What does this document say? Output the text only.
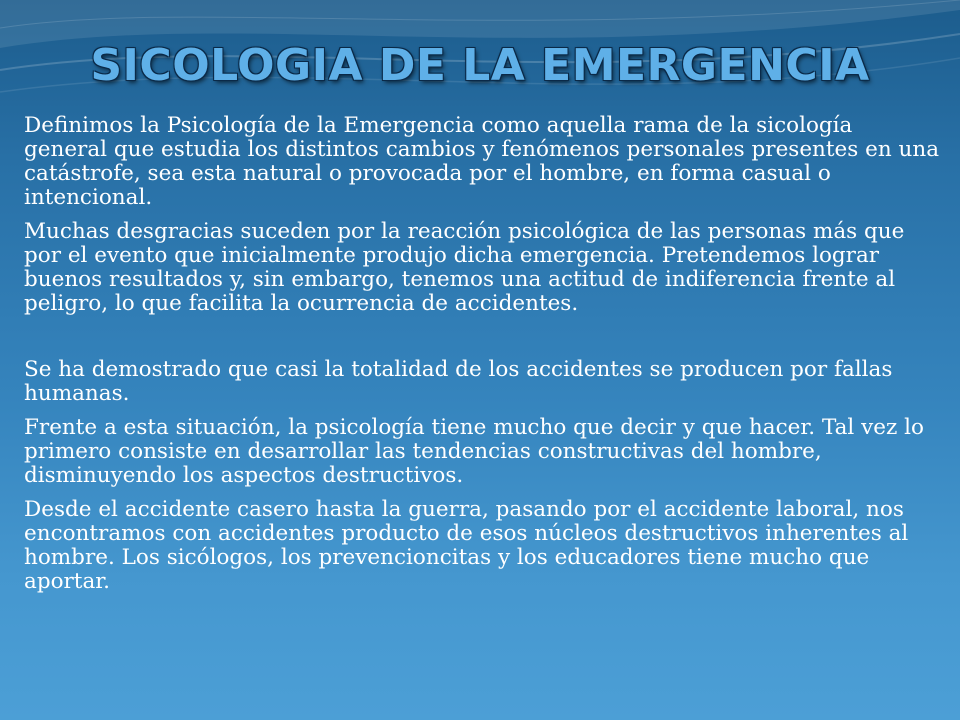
SICOLOGIA DE LA EMERGENCIA

Definimos la Psicología de la Emergencia como aquella rama de la sicología general que estudia los distintos cambios y fenómenos personales presentes en una catástrofe, sea esta natural o provocada por el hombre, en forma casual o intencional.

Muchas desgracias suceden por la reacción psicológica de las personas más que por el evento que inicialmente produjo dicha emergencia. Pretendemos lograr buenos resultados y, sin embargo, tenemos una actitud de indiferencia frente al peligro, lo que facilita la ocurrencia de accidentes.

Se ha demostrado que casi la totalidad de los accidentes se producen por fallas humanas.

Frente a esta situación, la psicología tiene mucho que decir y que hacer. Tal vez lo primero consiste en desarrollar las tendencias constructivas del hombre, disminuyendo los aspectos destructivos.

Desde el accidente casero hasta la guerra, pasando por el accidente laboral, nos encontramos con accidentes producto de esos núcleos destructivos inherentes al hombre. Los sicólogos, los prevencioncitas y los educadores tiene mucho que aportar.
